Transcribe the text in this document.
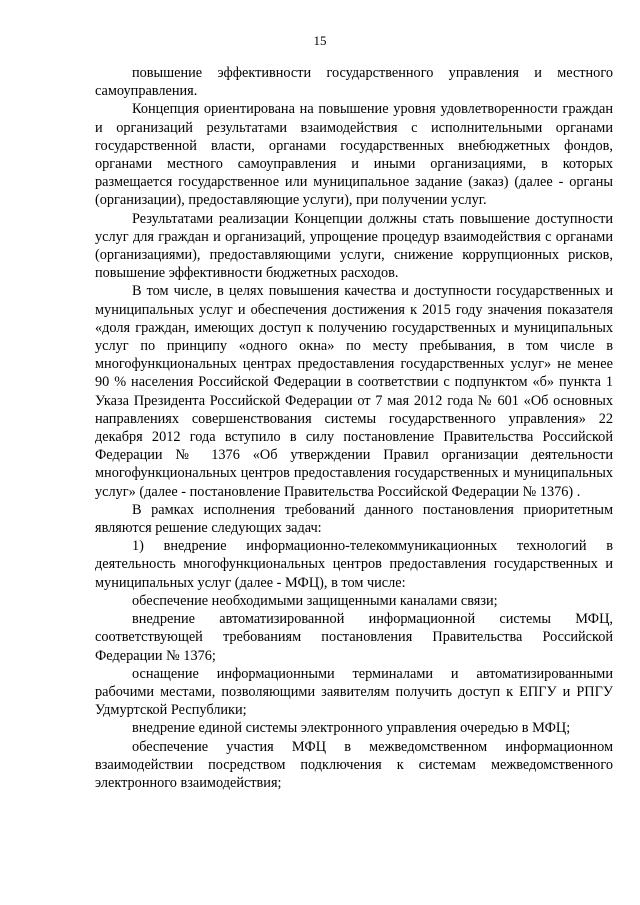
15

повышение эффективности государственного управления и местного самоуправления.

Концепция ориентирована на повышение уровня удовлетворенности граждан и организаций результатами взаимодействия с исполнительными органами государственной власти, органами государственных внебюджетных фондов, органами местного самоуправления и иными организациями, в которых размещается государственное или муниципальное задание (заказ) (далее - органы (организации), предоставляющие услуги), при получении услуг.

Результатами реализации Концепции должны стать повышение доступности услуг для граждан и организаций, упрощение процедур взаимодействия с органами (организациями), предоставляющими услуги, снижение коррупционных рисков, повышение эффективности бюджетных расходов.

В том числе, в целях повышения качества и доступности государственных и муниципальных услуг и обеспечения достижения к 2015 году значения показателя «доля граждан, имеющих доступ к получению государственных и муниципальных услуг по принципу «одного окна» по месту пребывания, в том числе в многофункциональных центрах предоставления государственных услуг» не менее 90 % населения Российской Федерации в соответствии с подпунктом «б» пункта 1 Указа Президента Российской Федерации от 7 мая 2012 года № 601 «Об основных направлениях совершенствования системы государственного управления» 22 декабря 2012 года вступило в силу постановление Правительства Российской Федерации № 1376 «Об утверждении Правил организации деятельности многофункциональных центров предоставления государственных и муниципальных услуг» (далее - постановление Правительства Российской Федерации № 1376) .

В рамках исполнения требований данного постановления приоритетным являются решение следующих задач:

1) внедрение информационно-телекоммуникационных технологий в деятельность многофункциональных центров предоставления государственных и муниципальных услуг (далее - МФЦ), в том числе:

обеспечение необходимыми защищенными каналами связи;

внедрение автоматизированной информационной системы МФЦ, соответствующей требованиям постановления Правительства Российской Федерации № 1376;

оснащение информационными терминалами и автоматизированными рабочими местами, позволяющими заявителям получить доступ к ЕПГУ и РПГУ Удмуртской Республики;

внедрение единой системы электронного управления очередью в МФЦ;

обеспечение участия МФЦ в межведомственном информационном взаимодействии посредством подключения к системам межведомственного электронного взаимодействия;
